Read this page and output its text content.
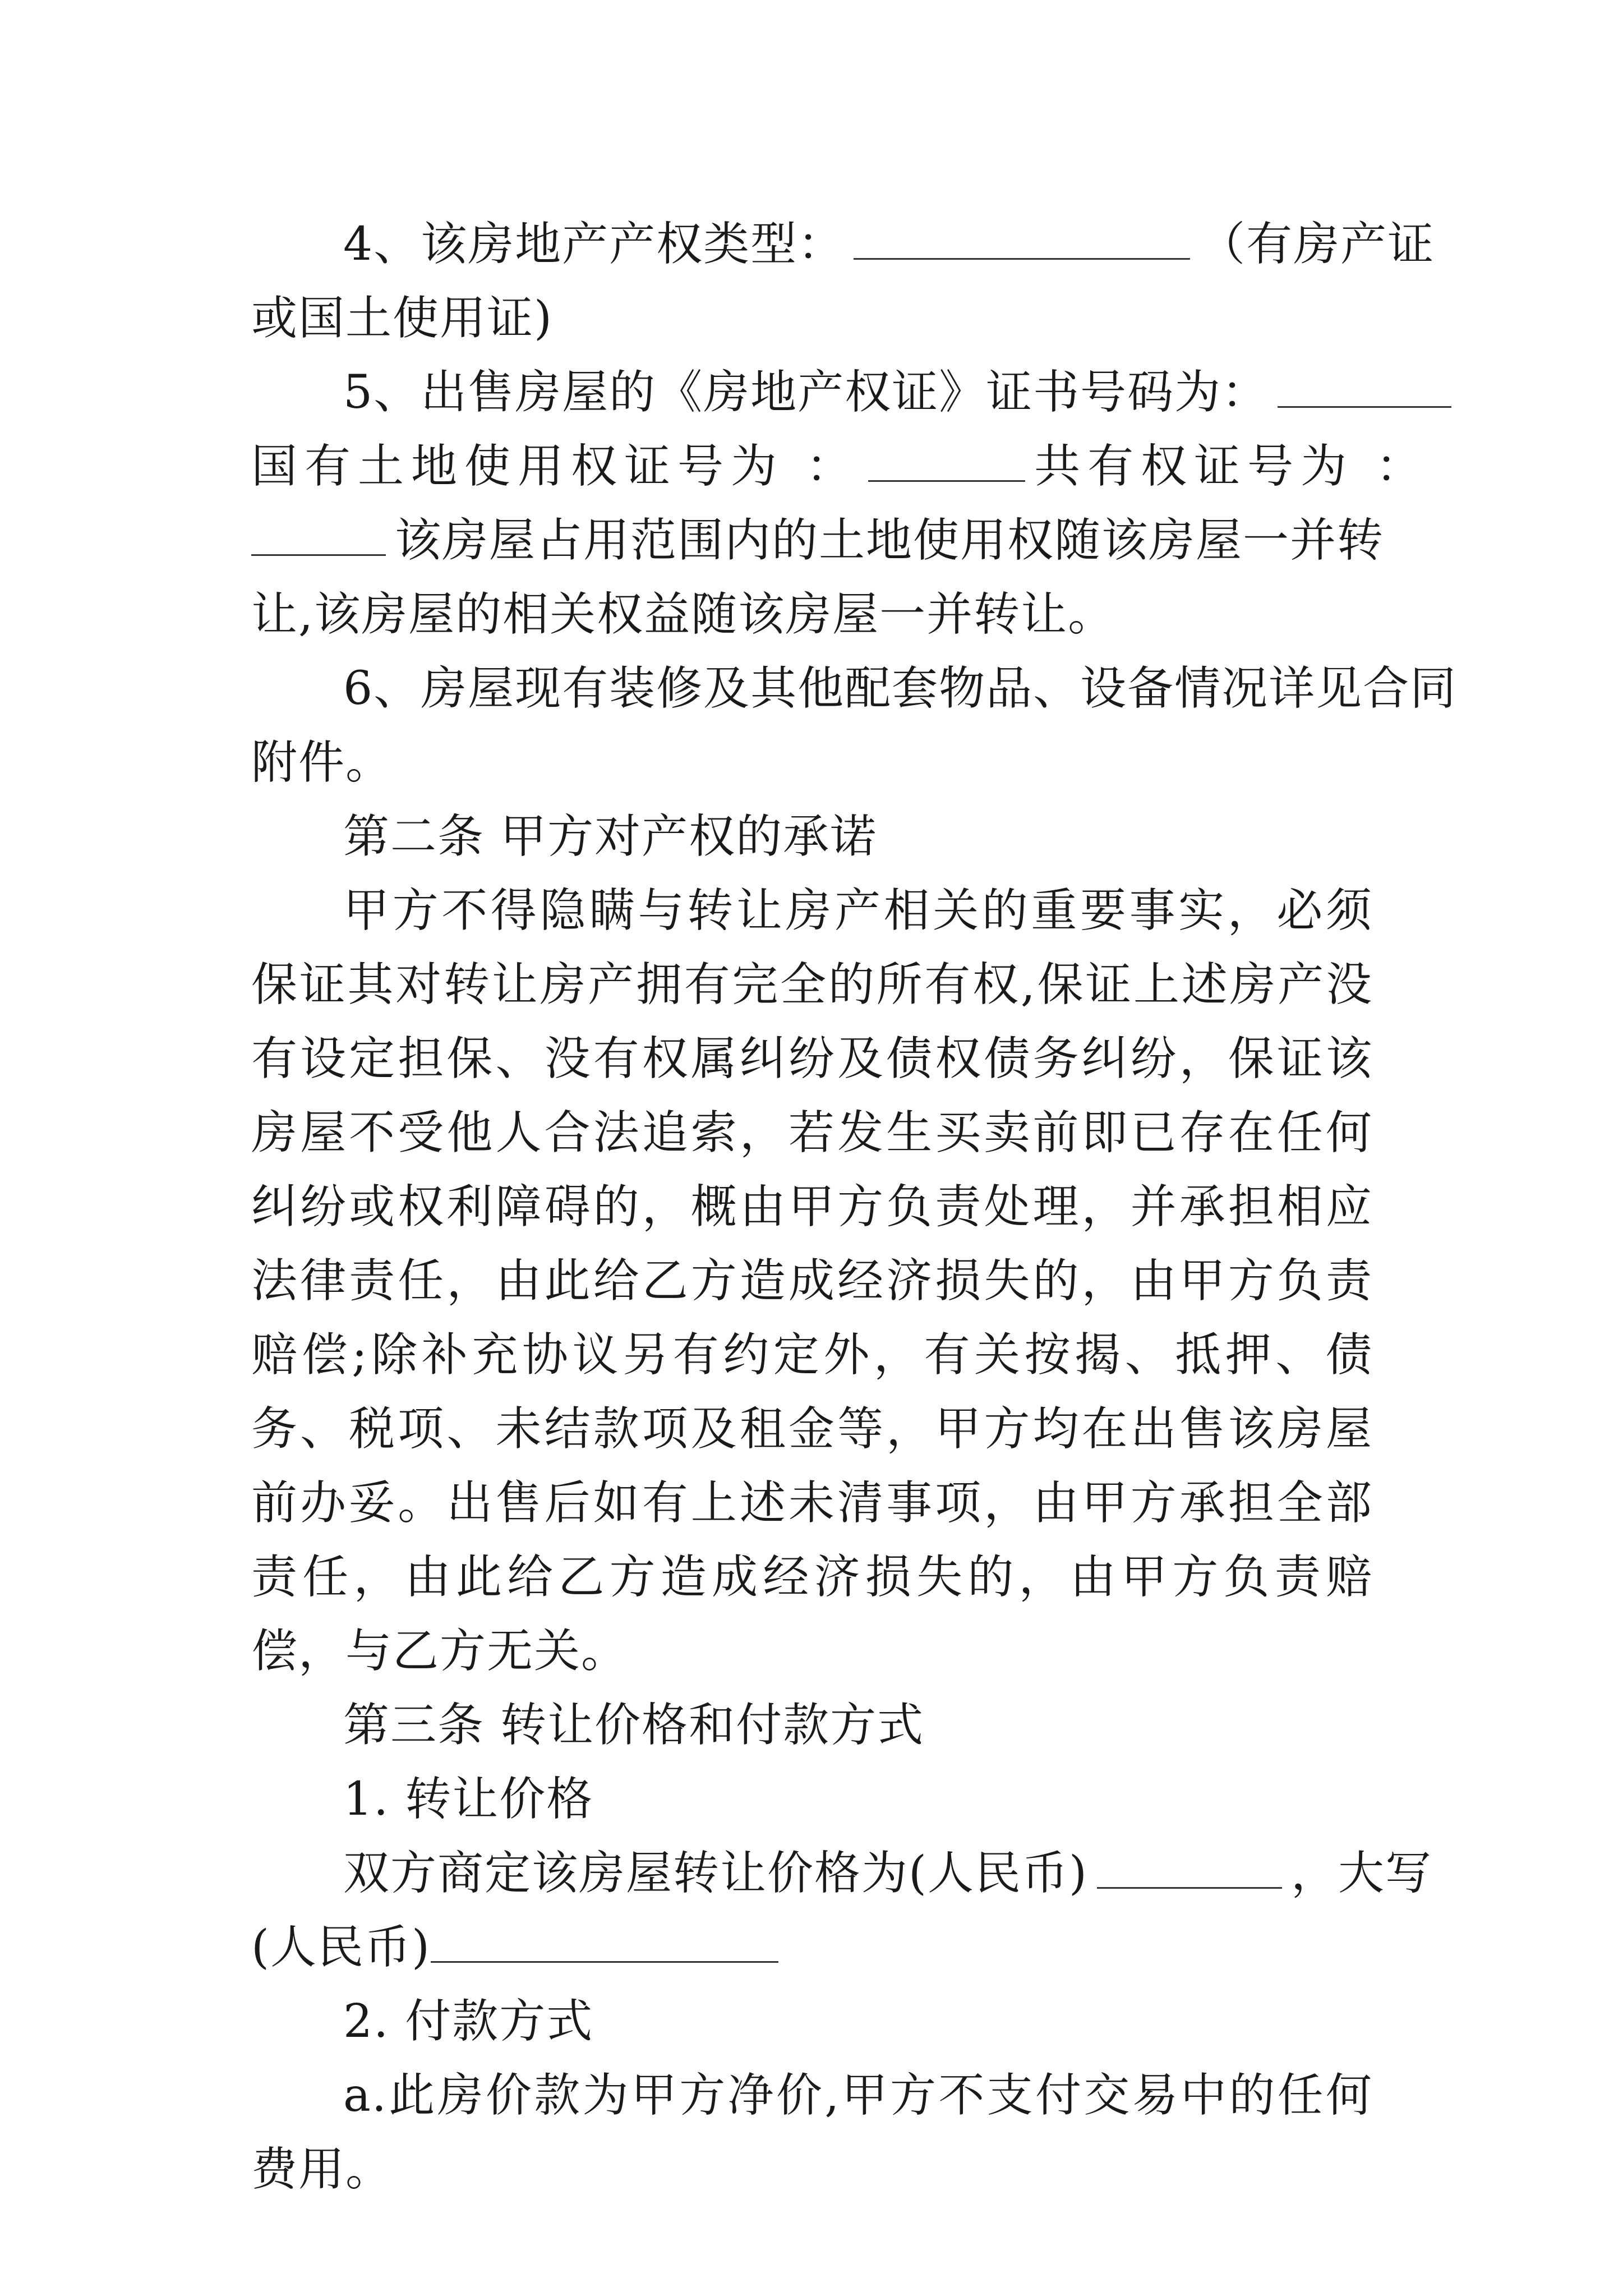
4、该房地产产权类型：	（有房产证
或国土使用证)

5、出售房屋的《房地产权证》证书号码为：
国有土地使用权证号为 ：	共有权证号为 ：
该房屋占用范围内的土地使用权随该房屋一并转
让,该房屋的相关权益随该房屋一并转让。

6、房屋现有装修及其他配套物品、设备情况详见合同
附件。

第二条 甲方对产权的承诺

甲方不得隐瞒与转让房产相关的重要事实，必须保证其对转让房产拥有完全的所有权,保证上述房产没有设定担保、没有权属纠纷及债权债务纠纷，保证该房屋不受他人合法追索，若发生买卖前即已存在任何纠纷或权利障碍的，概由甲方负责处理，并承担相应法律责任，由此给乙方造成经济损失的，由甲方负责赔偿;除补充协议另有约定外，有关按揭、抵押、债务、税项、未结款项及租金等，甲方均在出售该房屋前办妥。出售后如有上述未清事项，由甲方承担全部责任，由此给乙方造成经济损失的，由甲方负责赔偿，与乙方无关。

第三条 转让价格和付款方式

1. 转让价格

双方商定该房屋转让价格为(人民币)	，大写
(人民币)

2. 付款方式

a.此房价款为甲方净价,甲方不支付交易中的任何费用。
